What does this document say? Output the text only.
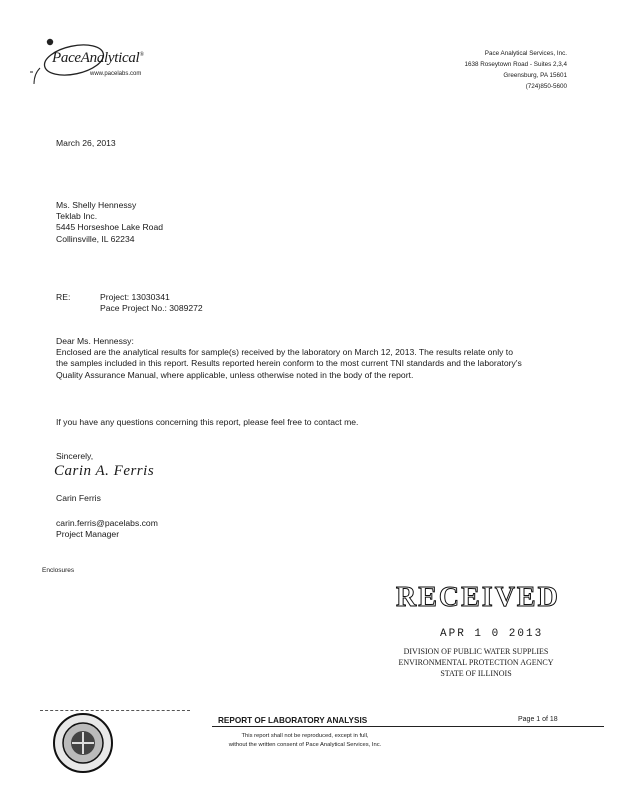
PaceAnalytical®
www.pacelabs.com
Pace Analytical Services, Inc.
1638 Roseytown Road - Suites 2,3,4
Greensburg, PA 15601
(724)850-5600
March 26, 2013
Ms. Shelly Hennessy
Teklab Inc.
5445 Horseshoe Lake Road
Collinsville, IL 62234
RE:	Project: 13030341
Pace Project No.: 3089272
Dear Ms. Hennessy:
Enclosed are the analytical results for sample(s) received by the laboratory on March 12, 2013. The results relate only to the samples included in this report. Results reported herein conform to the most current TNI standards and the laboratory's Quality Assurance Manual, where applicable, unless otherwise noted in the body of the report.
If you have any questions concerning this report, please feel free to contact me.
Sincerely,
Carin A. Ferris
Carin Ferris
carin.ferris@pacelabs.com
Project Manager
Enclosures
RECEIVED
APR 1 0 2013
DIVISION OF PUBLIC WATER SUPPLIES
ENVIRONMENTAL PROTECTION AGENCY
STATE OF ILLINOIS
REPORT OF LABORATORY ANALYSIS	Page 1 of 18
This report shall not be reproduced, except in full,
without the written consent of Pace Analytical Services, Inc.
